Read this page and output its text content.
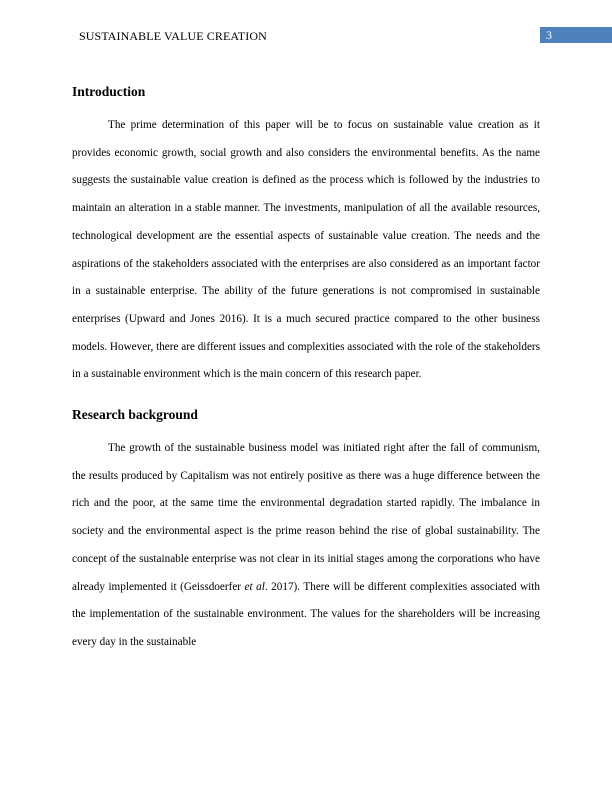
SUSTAINABLE VALUE CREATION	3
Introduction

The prime determination of this paper will be to focus on sustainable value creation as it provides economic growth, social growth and also considers the environmental benefits. As the name suggests the sustainable value creation is defined as the process which is followed by the industries to maintain an alteration in a stable manner. The investments, manipulation of all the available resources, technological development are the essential aspects of sustainable value creation. The needs and the aspirations of the stakeholders associated with the enterprises are also considered as an important factor in a sustainable enterprise. The ability of the future generations is not compromised in sustainable enterprises (Upward and Jones 2016). It is a much secured practice compared to the other business models. However, there are different issues and complexities associated with the role of the stakeholders in a sustainable environment which is the main concern of this research paper.

Research background

The growth of the sustainable business model was initiated right after the fall of communism, the results produced by Capitalism was not entirely positive as there was a huge difference between the rich and the poor, at the same time the environmental degradation started rapidly. The imbalance in society and the environmental aspect is the prime reason behind the rise of global sustainability. The concept of the sustainable enterprise was not clear in its initial stages among the corporations who have already implemented it (Geissdoerfer et al. 2017). There will be different complexities associated with the implementation of the sustainable environment. The values for the shareholders will be increasing every day in the sustainable
